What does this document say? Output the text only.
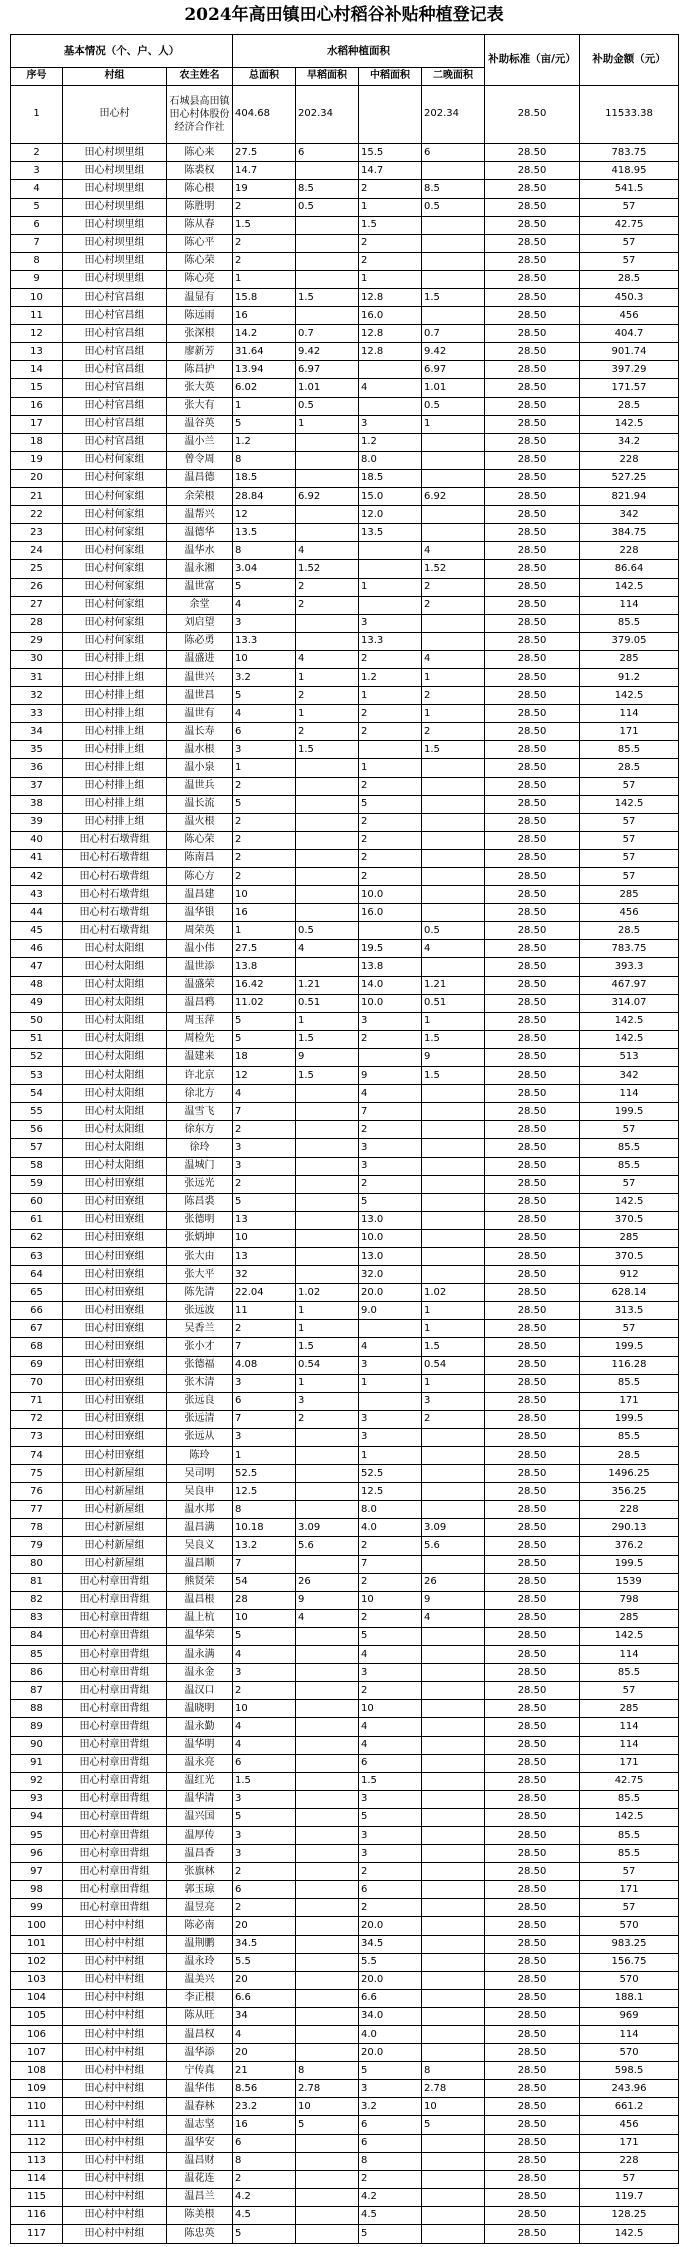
2024年高田镇田心村稻谷补贴种植登记表
基本情况（个、户、人）			水稻种植面积				补助标准（亩/元）	补助金额（元）
序号	村组	农主姓名	总面积	早稻面积	中稻面积	二晚面积		
1	田心村	石城县高田镇田心村体股份经济合作社	404.68	202.34		202.34	28.50	11533.38
2	田心村坝里组	陈心来	27.5	6	15.5	6	28.50	783.75
3	田心村坝里组	陈裘权	14.7		14.7		28.50	418.95
4	田心村坝里组	陈心根	19	8.5	2	8.5	28.50	541.5
5	田心村坝里组	陈胜明	2	0.5	1	0.5	28.50	57
6	田心村坝里组	陈从春	1.5		1.5		28.50	42.75
7	田心村坝里组	陈心平	2		2		28.50	57
8	田心村坝里组	陈心荣	2		2		28.50	57
9	田心村坝里组	陈心亮	1		1		28.50	28.5
10	田心村官昌组	温显有	15.8	1.5	12.8	1.5	28.50	450.3
11	田心村官昌组	陈远雨	16		16.0		28.50	456
12	田心村官昌组	张深根	14.2	0.7	12.8	0.7	28.50	404.7
13	田心村官昌组	廖新芳	31.64	9.42	12.8	9.42	28.50	901.74
14	田心村官昌组	陈昌护	13.94	6.97		6.97	28.50	397.29
15	田心村官昌组	张大英	6.02	1.01	4	1.01	28.50	171.57
16	田心村官昌组	张大有	1	0.5		0.5	28.50	28.5
17	田心村官昌组	温谷英	5	1	3	1	28.50	142.5
18	田心村官昌组	温小兰	1.2		1.2		28.50	34.2
19	田心村何家组	曾令周	8		8.0		28.50	228
20	田心村何家组	温昌德	18.5		18.5		28.50	527.25
21	田心村何家组	余荣根	28.84	6.92	15.0	6.92	28.50	821.94
22	田心村何家组	温帮兴	12		12.0		28.50	342
23	田心村何家组	温德华	13.5		13.5		28.50	384.75
24	田心村何家组	温华水	8	4		4	28.50	228
25	田心村何家组	温永湘	3.04	1.52		1.52	28.50	86.64
26	田心村何家组	温世富	5	2	1	2	28.50	142.5
27	田心村何家组	余堂	4	2		2	28.50	114
28	田心村何家组	刘启望	3		3		28.50	85.5
29	田心村何家组	陈必勇	13.3		13.3		28.50	379.05
30	田心村排上组	温盛进	10	4	2	4	28.50	285
31	田心村排上组	温世兴	3.2	1	1.2	1	28.50	91.2
32	田心村排上组	温世昌	5	2	1	2	28.50	142.5
33	田心村排上组	温世有	4	1	2	1	28.50	114
34	田心村排上组	温长寿	6	2	2	2	28.50	171
35	田心村排上组	温水根	3	1.5		1.5	28.50	85.5
36	田心村排上组	温小泉	1		1		28.50	28.5
37	田心村排上组	温世兵	2		2		28.50	57
38	田心村排上组	温长流	5		5		28.50	142.5
39	田心村排上组	温火根	2		2		28.50	57
40	田心村石墩背组	陈心荣	2		2		28.50	57
41	田心村石墩背组	陈南昌	2		2		28.50	57
42	田心村石墩背组	陈心方	2		2		28.50	57
43	田心村石墩背组	温昌建	10		10.0		28.50	285
44	田心村石墩背组	温华银	16		16.0		28.50	456
45	田心村石墩背组	周荣英	1	0.5		0.5	28.50	28.5
46	田心村太阳组	温小伟	27.5	4	19.5	4	28.50	783.75
47	田心村太阳组	温世添	13.8		13.8		28.50	393.3
48	田心村太阳组	温盛荣	16.42	1.21	14.0	1.21	28.50	467.97
49	田心村太阳组	温昌鸦	11.02	0.51	10.0	0.51	28.50	314.07
50	田心村太阳组	周玉萍	5	1	3	1	28.50	142.5
51	田心村太阳组	周检先	5	1.5	2	1.5	28.50	142.5
52	田心村太阳组	温建来	18	9		9	28.50	513
53	田心村太阳组	许北京	12	1.5	9	1.5	28.50	342
54	田心村太阳组	徐北方	4		4		28.50	114
55	田心村太阳组	温雪飞	7		7		28.50	199.5
56	田心村太阳组	徐东方	2		2		28.50	57
57	田心村太阳组	徐玲	3		3		28.50	85.5
58	田心村太阳组	温城门	3		3		28.50	85.5
59	田心村田寮组	张远光	2		2		28.50	57
60	田心村田寮组	陈昌裘	5		5		28.50	142.5
61	田心村田寮组	张德明	13		13.0		28.50	370.5
62	田心村田寮组	张炳坤	10		10.0		28.50	285
63	田心村田寮组	张大由	13		13.0		28.50	370.5
64	田心村田寮组	张大平	32		32.0		28.50	912
65	田心村田寮组	陈先清	22.04	1.02	20.0	1.02	28.50	628.14
66	田心村田寮组	张远波	11	1	9.0	1	28.50	313.5
67	田心村田寮组	吴香兰	2	1		1	28.50	57
68	田心村田寮组	张小才	7	1.5	4	1.5	28.50	199.5
69	田心村田寮组	张德福	4.08	0.54	3	0.54	28.50	116.28
70	田心村田寮组	张木清	3	1	1	1	28.50	85.5
71	田心村田寮组	张远良	6	3		3	28.50	171
72	田心村田寮组	张远清	7	2	3	2	28.50	199.5
73	田心村田寮组	张远从	3		3		28.50	85.5
74	田心村田寮组	陈玲	1		1		28.50	28.5
75	田心村新屋组	吴司明	52.5		52.5		28.50	1496.25
76	田心村新屋组	吴良申	12.5		12.5		28.50	356.25
77	田心村新屋组	温水邦	8		8.0		28.50	228
78	田心村新屋组	温昌满	10.18	3.09	4.0	3.09	28.50	290.13
79	田心村新屋组	吴良义	13.2	5.6	2	5.6	28.50	376.2
80	田心村新屋组	温昌顺	7		7		28.50	199.5
81	田心村章田背组	熊贤荣	54	26	2	26	28.50	1539
82	田心村章田背组	温昌根	28	9	10	9	28.50	798
83	田心村章田背组	温上杭	10	4	2	4	28.50	285
84	田心村章田背组	温华荣	5		5		28.50	142.5
85	田心村章田背组	温永满	4		4		28.50	114
86	田心村章田背组	温永金	3		3		28.50	85.5
87	田心村章田背组	温汉口	2		2		28.50	57
88	田心村章田背组	温晓明	10		10		28.50	285
89	田心村章田背组	温永勤	4		4		28.50	114
90	田心村章田背组	温华明	4		4		28.50	114
91	田心村章田背组	温永亮	6		6		28.50	171
92	田心村章田背组	温红光	1.5		1.5		28.50	42.75
93	田心村章田背组	温华清	3		3		28.50	85.5
94	田心村章田背组	温兴国	5		5		28.50	142.5
95	田心村章田背组	温厚传	3		3		28.50	85.5
96	田心村章田背组	温昌香	3		3		28.50	85.5
97	田心村章田背组	张旗林	2		2		28.50	57
98	田心村章田背组	郭玉琼	6		6		28.50	171
99	田心村章田背组	温昱亮	2		2		28.50	57
100	田心村中村组	陈必南	20		20.0		28.50	570
101	田心村中村组	温荆鹏	34.5		34.5		28.50	983.25
102	田心村中村组	温永玲	5.5		5.5		28.50	156.75
103	田心村中村组	温美兴	20		20.0		28.50	570
104	田心村中村组	李正根	6.6		6.6		28.50	188.1
105	田心村中村组	陈从旺	34		34.0		28.50	969
106	田心村中村组	温昌权	4		4.0		28.50	114
107	田心村中村组	温华添	20		20.0		28.50	570
108	田心村中村组	宁传真	21	8	5	8	28.50	598.5
109	田心村中村组	温华伟	8.56	2.78	3	2.78	28.50	243.96
110	田心村中村组	温春林	23.2	10	3.2	10	28.50	661.2
111	田心村中村组	温志坚	16	5	6	5	28.50	456
112	田心村中村组	温华安	6		6		28.50	171
113	田心村中村组	温昌财	8		8		28.50	228
114	田心村中村组	温花连	2		2		28.50	57
115	田心村中村组	温昌兰	4.2		4.2		28.50	119.7
116	田心村中村组	陈美根	4.5		4.5		28.50	128.25
117	田心村中村组	陈忠英	5		5		28.50	142.5
